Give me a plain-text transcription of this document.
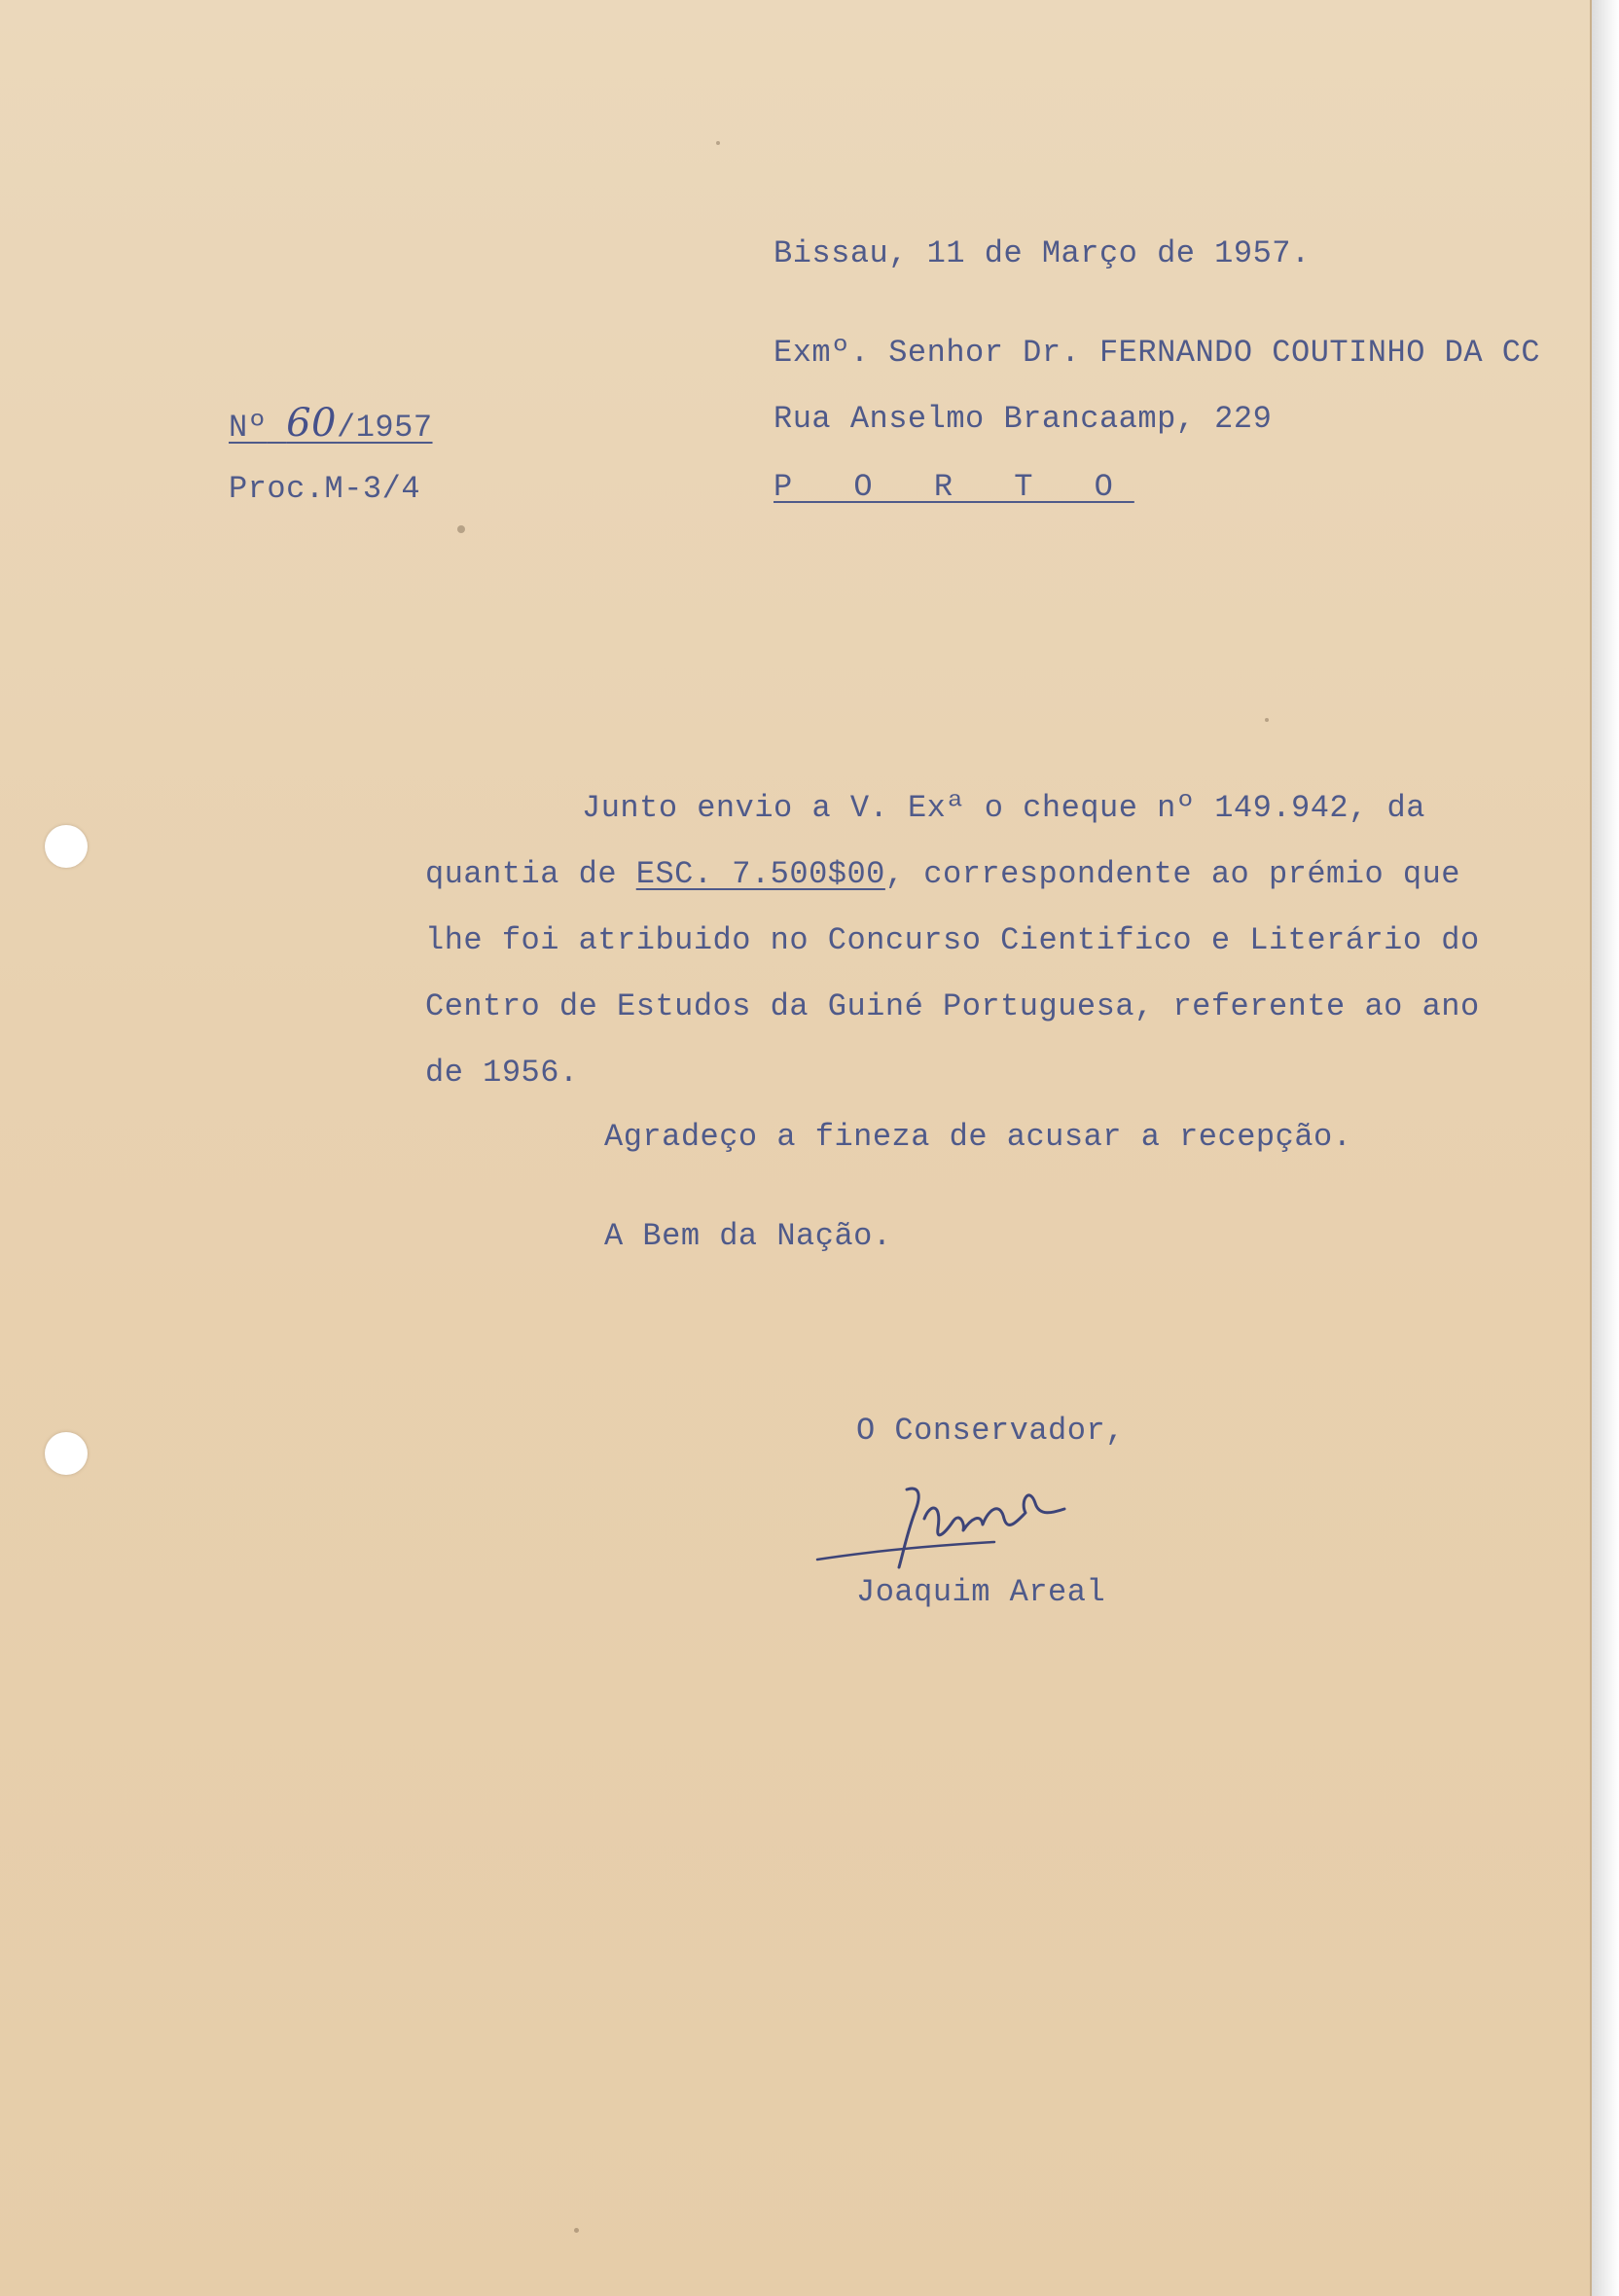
Bissau, 11 de Março de 1957.
Exmº. Senhor Dr. FERNANDO COUTINHO DA CC
Nº 60/1957	Rua Anselmo Brancaamp, 229
Proc.M-3/4	P O R T O
Junto envio a V. Exª o cheque nº 149.942, da
quantia de ESC. 7.500$00, correspondente ao prémio que
lhe foi atribuido no Concurso Cientifico e Literário do
Centro de Estudos da Guiné Portuguesa, referente ao ano
de 1956.
Agradeço a fineza de acusar a recepção.
A Bem da Nação.
O Conservador,
Joaquim Areal
